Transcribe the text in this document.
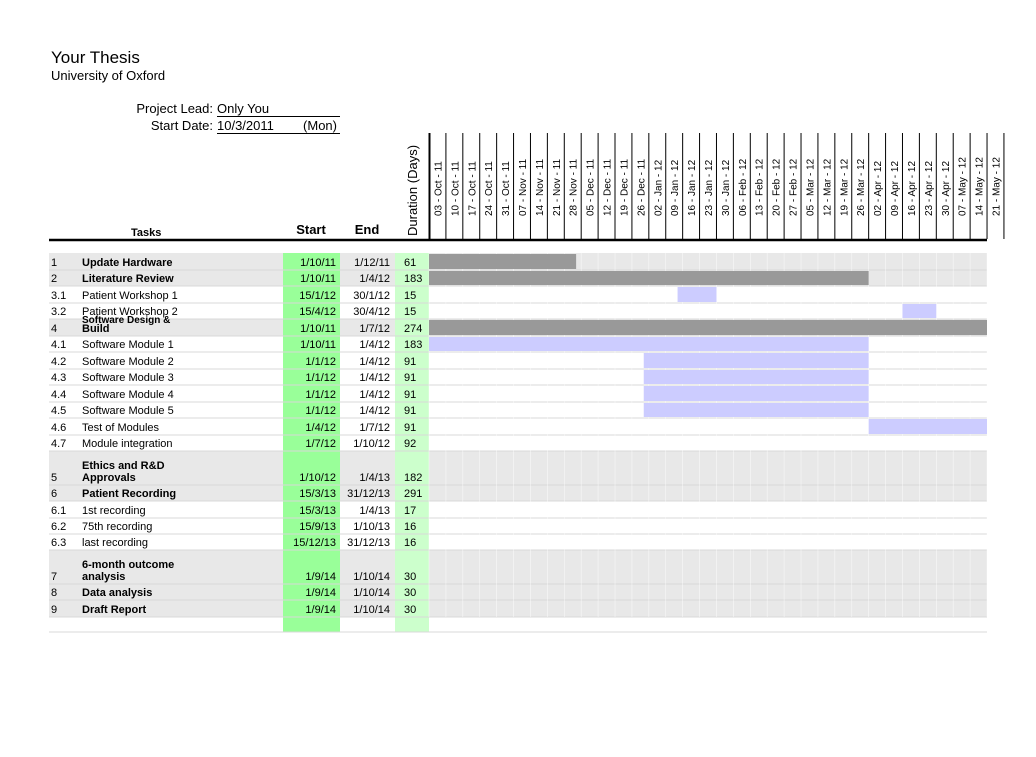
Your Thesis
University of Oxford
Project Lead: Only You
Start Date: 10/3/2011 (Mon)
03 - Oct - 11 10 - Oct - 11 17 - Oct - 11 24 - Oct - 11 31 - Oct - 11 07 - Nov - 11 14 - Nov - 11 21 - Nov - 11 28 - Nov - 11 05 - Dec - 11 12 - Dec - 11 19 - Dec - 11 26 - Dec - 11 02 - Jan - 12 09 - Jan - 12 16 - Jan - 12 23 - Jan - 12 30 - Jan - 12 06 - Feb - 12 13 - Feb - 12 20 - Feb - 12 27 - Feb - 12 05 - Mar - 12 12 - Mar - 12 19 - Mar - 12 26 - Mar - 12 02 - Apr - 12 09 - Apr - 12 16 - Apr - 12 23 - Apr - 12 30 - Apr - 12 07 - May - 12 14 - May - 12 21 - May - 12
Duration (Days)
Tasks	Start End
1 Update Hardware	1/10/11 1/12/11 61
2 Literature Review	1/10/11 1/4/12 183
3.1 Patient Workshop 1	15/1/12 30/1/12 15
3.2 Patient Workshop 2	15/4/12 30/4/12 15
4
Software Design &
Build	1/10/11 1/7/12 274
4.1 Software Module 1	1/10/11 1/4/12 183
4.2 Software Module 2	1/1/12 1/4/12 91
4.3 Software Module 3	1/1/12 1/4/12 91
4.4 Software Module 4	1/1/12 1/4/12 91
4.5 Software Module 5	1/1/12 1/4/12 91
4.6 Test of Modules	1/4/12 1/7/12 91
4.7 Module integration	1/7/12 1/10/12 92
5
Ethics and R&D
Approvals	1/10/12 1/4/13 182
6 Patient Recording	15/3/13 31/12/13 291
6.1 1st recording	15/3/13 1/4/13 17
6.2 75th recording	15/9/13 1/10/13 16
6.3 last recording	15/12/13 31/12/13 16
7
6-month outcome
analysis	1/9/14 1/10/14 30
8 Data analysis	1/9/14 1/10/14 30
9 Draft Report	1/9/14 1/10/14 30
